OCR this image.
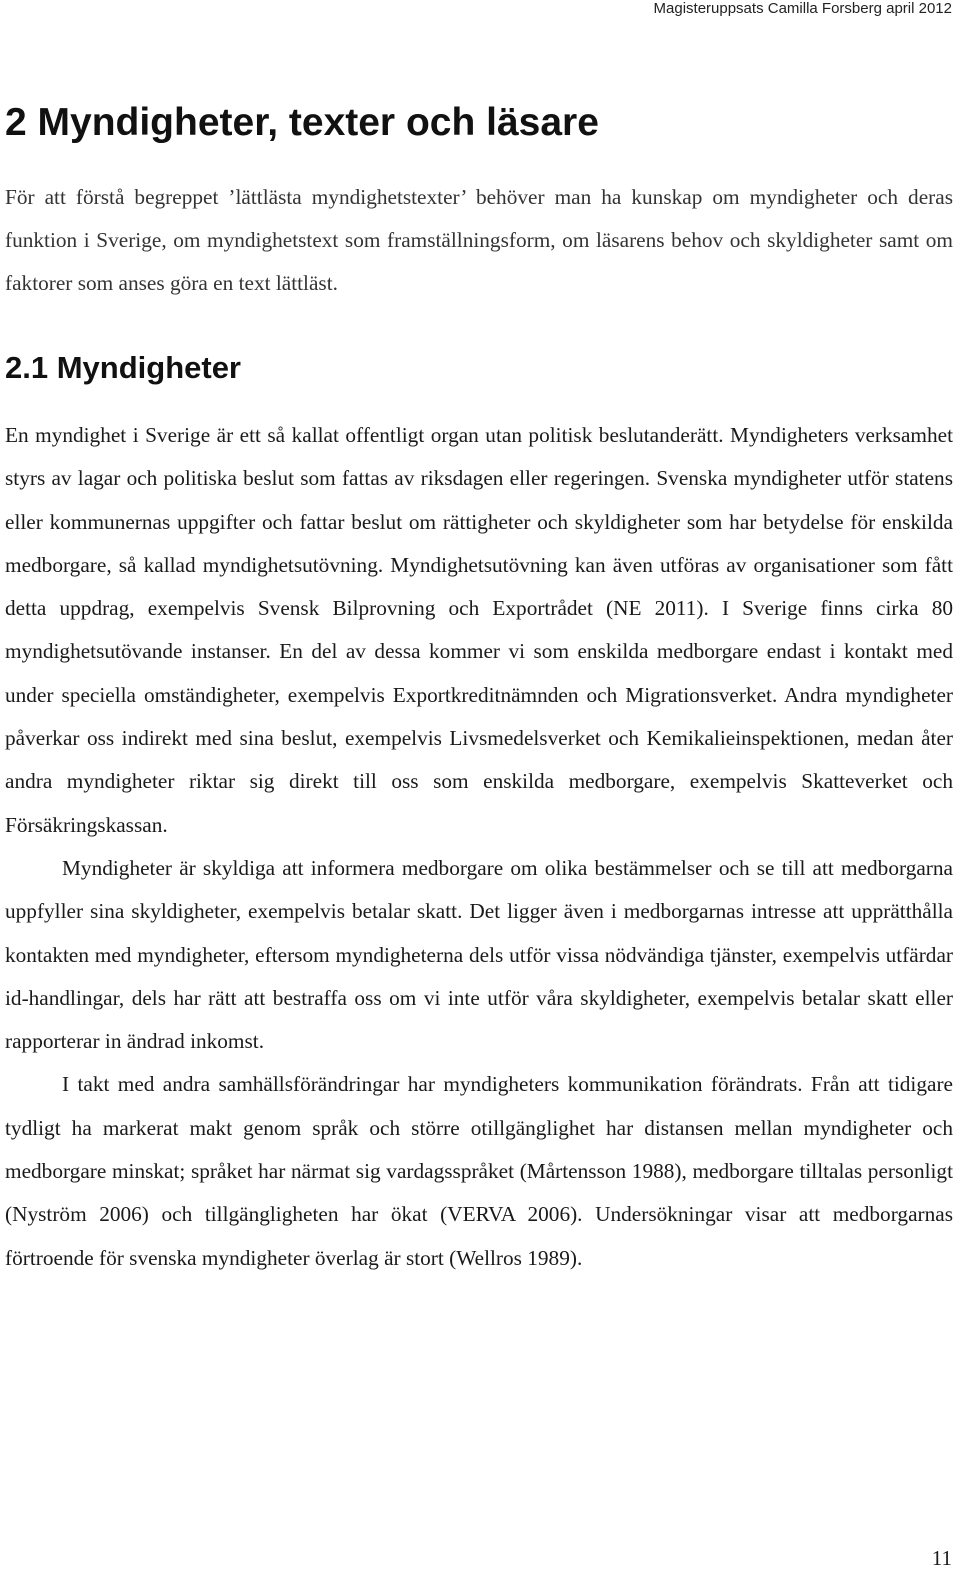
Magisteruppsats Camilla Forsberg april 2012
2 Myndigheter, texter och läsare

För att förstå begreppet ’lättlästa myndighetstexter’ behöver man ha kunskap om myndigheter och deras funktion i Sverige, om myndighetstext som framställningsform, om läsarens behov och skyldigheter samt om faktorer som anses göra en text lättläst.

2.1 Myndigheter

En myndighet i Sverige är ett så kallat offentligt organ utan politisk beslutanderätt. Myndigheters verksamhet styrs av lagar och politiska beslut som fattas av riksdagen eller regeringen. Svenska myndigheter utför statens eller kommunernas uppgifter och fattar beslut om rättigheter och skyldigheter som har betydelse för enskilda medborgare, så kallad myndighetsutövning. Myndighetsutövning kan även utföras av organisationer som fått detta uppdrag, exempelvis Svensk Bilprovning och Exportrådet (NE 2011). I Sverige finns cirka 80 myndighetsutövande instanser. En del av dessa kommer vi som enskilda medborgare endast i kontakt med under speciella omständigheter, exempelvis Exportkreditnämnden och Migrationsverket. Andra myndigheter påverkar oss indirekt med sina beslut, exempelvis Livsmedelsverket och Kemikalieinspektionen, medan åter andra myndigheter riktar sig direkt till oss som enskilda medborgare, exempelvis Skatteverket och Försäkringskassan.

Myndigheter är skyldiga att informera medborgare om olika bestämmelser och se till att medborgarna uppfyller sina skyldigheter, exempelvis betalar skatt. Det ligger även i medborgarnas intresse att upprätthålla kontakten med myndigheter, eftersom myndigheterna dels utför vissa nödvändiga tjänster, exempelvis utfärdar id-handlingar, dels har rätt att bestraffa oss om vi inte utför våra skyldigheter, exempelvis betalar skatt eller rapporterar in ändrad inkomst.

I takt med andra samhällsförändringar har myndigheters kommunikation förändrats. Från att tidigare tydligt ha markerat makt genom språk och större otillgänglighet har distansen mellan myndigheter och medborgare minskat; språket har närmat sig vardagsspråket (Mårtensson 1988), medborgare tilltalas personligt (Nyström 2006) och tillgängligheten har ökat (VERVA 2006). Undersökningar visar att medborgarnas förtroende för svenska myndigheter överlag är stort (Wellros 1989).

11
